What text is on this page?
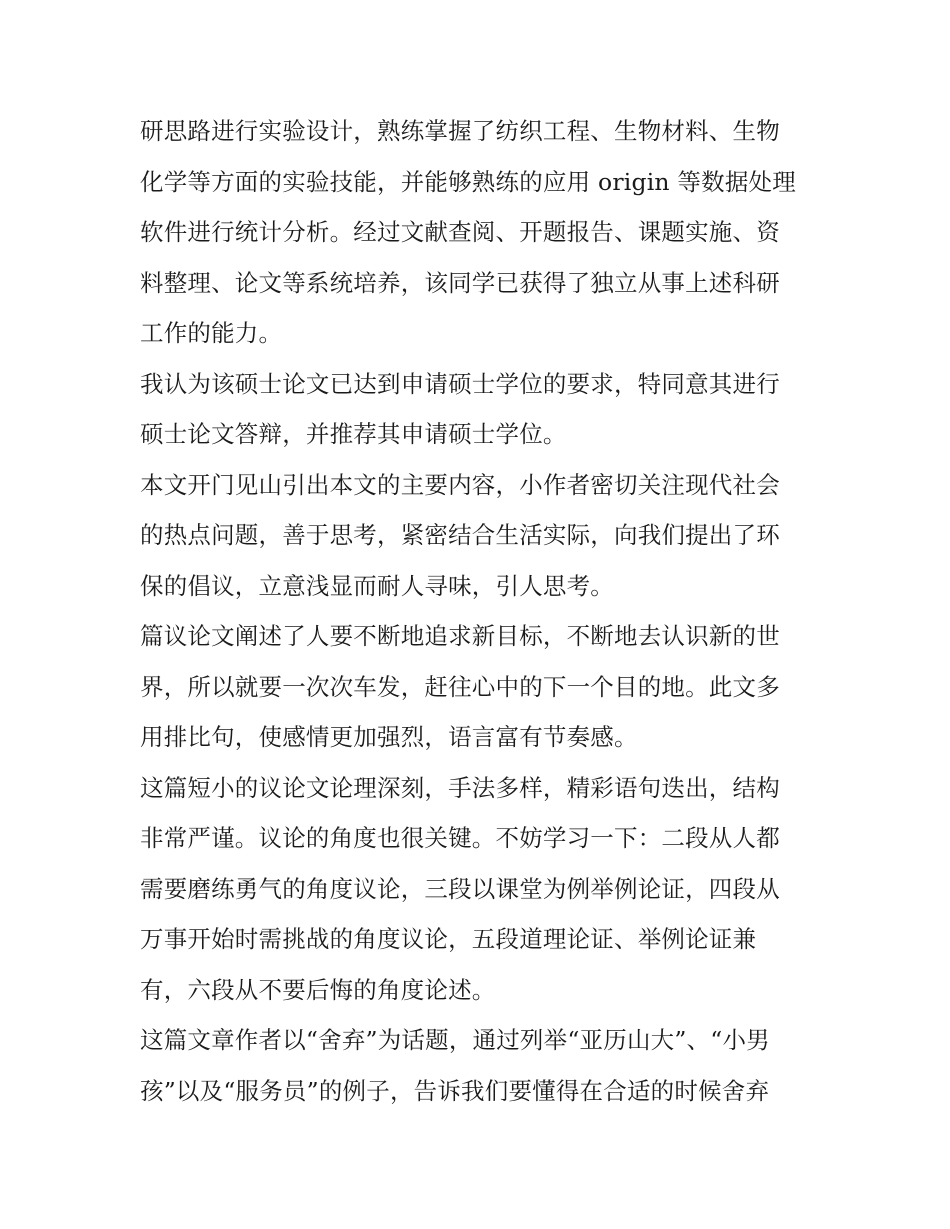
研思路进行实验设计，熟练掌握了纺织工程、生物材料、生物
化学等方面的实验技能，并能够熟练的应用 origin 等数据处理
软件进行统计分析。经过文献查阅、开题报告、课题实施、资
料整理、论文等系统培养，该同学已获得了独立从事上述科研
工作的能力。
我认为该硕士论文已达到申请硕士学位的要求，特同意其进行
硕士论文答辩，并推荐其申请硕士学位。
本文开门见山引出本文的主要内容，小作者密切关注现代社会
的热点问题，善于思考，紧密结合生活实际，向我们提出了环
保的倡议，立意浅显而耐人寻味，引人思考。
篇议论文阐述了人要不断地追求新目标，不断地去认识新的世
界，所以就要一次次车发，赶往心中的下一个目的地。此文多
用排比句，使感情更加强烈，语言富有节奏感。
这篇短小的议论文论理深刻，手法多样，精彩语句迭出，结构
非常严谨。议论的角度也很关键。不妨学习一下：二段从人都
需要磨练勇气的角度议论，三段以课堂为例举例论证，四段从
万事开始时需挑战的角度议论，五段道理论证、举例论证兼
有，六段从不要后悔的角度论述。
这篇文章作者以“舍弃”为话题，通过列举“亚历山大”、“小男
孩”以及“服务员”的例子，告诉我们要懂得在合适的时候舍弃
